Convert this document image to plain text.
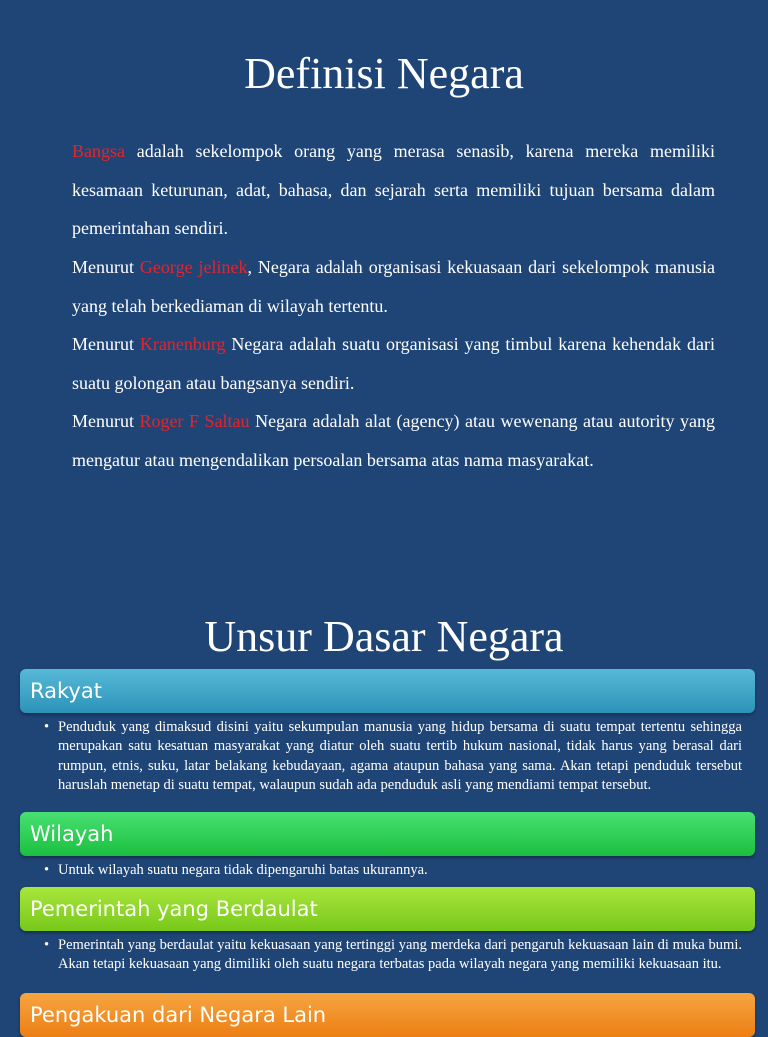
Definisi Negara

Bangsa adalah sekelompok orang yang merasa senasib, karena mereka memiliki kesamaan keturunan, adat, bahasa, dan sejarah serta memiliki tujuan bersama dalam pemerintahan sendiri.

Menurut George jelinek, Negara adalah organisasi kekuasaan dari sekelompok manusia yang telah berkediaman di wilayah tertentu.

Menurut Kranenburg Negara adalah suatu organisasi yang timbul karena kehendak dari suatu golongan atau bangsanya sendiri.

Menurut Roger F Saltau Negara adalah alat (agency) atau wewenang atau autority yang mengatur atau mengendalikan persoalan bersama atas nama masyarakat.

Unsur Dasar Negara
Rakyat
• Penduduk yang dimaksud disini yaitu sekumpulan manusia yang hidup bersama di suatu tempat tertentu sehingga merupakan satu kesatuan masyarakat yang diatur oleh suatu tertib hukum nasional, tidak harus yang berasal dari rumpun, etnis, suku, latar belakang kebudayaan, agama ataupun bahasa yang sama. Akan tetapi penduduk tersebut haruslah menetap di suatu tempat, walaupun sudah ada penduduk asli yang mendiami tempat tersebut.
Wilayah
• Untuk wilayah suatu negara tidak dipengaruhi batas ukurannya.
Pemerintah yang Berdaulat
• Pemerintah yang berdaulat yaitu kekuasaan yang tertinggi yang merdeka dari pengaruh kekuasaan lain di muka bumi. Akan tetapi kekuasaan yang dimiliki oleh suatu negara terbatas pada wilayah negara yang memiliki kekuasaan itu.
Pengakuan dari Negara Lain
